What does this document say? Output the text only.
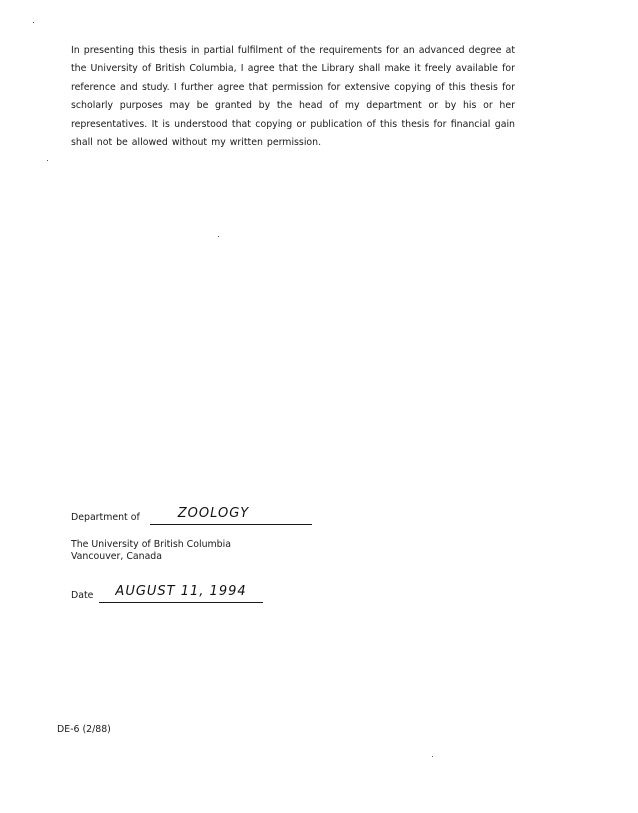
In presenting this thesis in partial fulfilment of the requirements for an advanced degree at the University of British Columbia, I agree that the Library shall make it freely available for reference and study. I further agree that permission for extensive copying of this thesis for scholarly purposes may be granted by the head of my department or by his or her representatives. It is understood that copying or publication of this thesis for financial gain shall not be allowed without my written permission.

Department of	ZOOLOGY
The University of British Columbia
Vancouver, Canada
Date AUGUST 11, 1994
DE-6 (2/88)
